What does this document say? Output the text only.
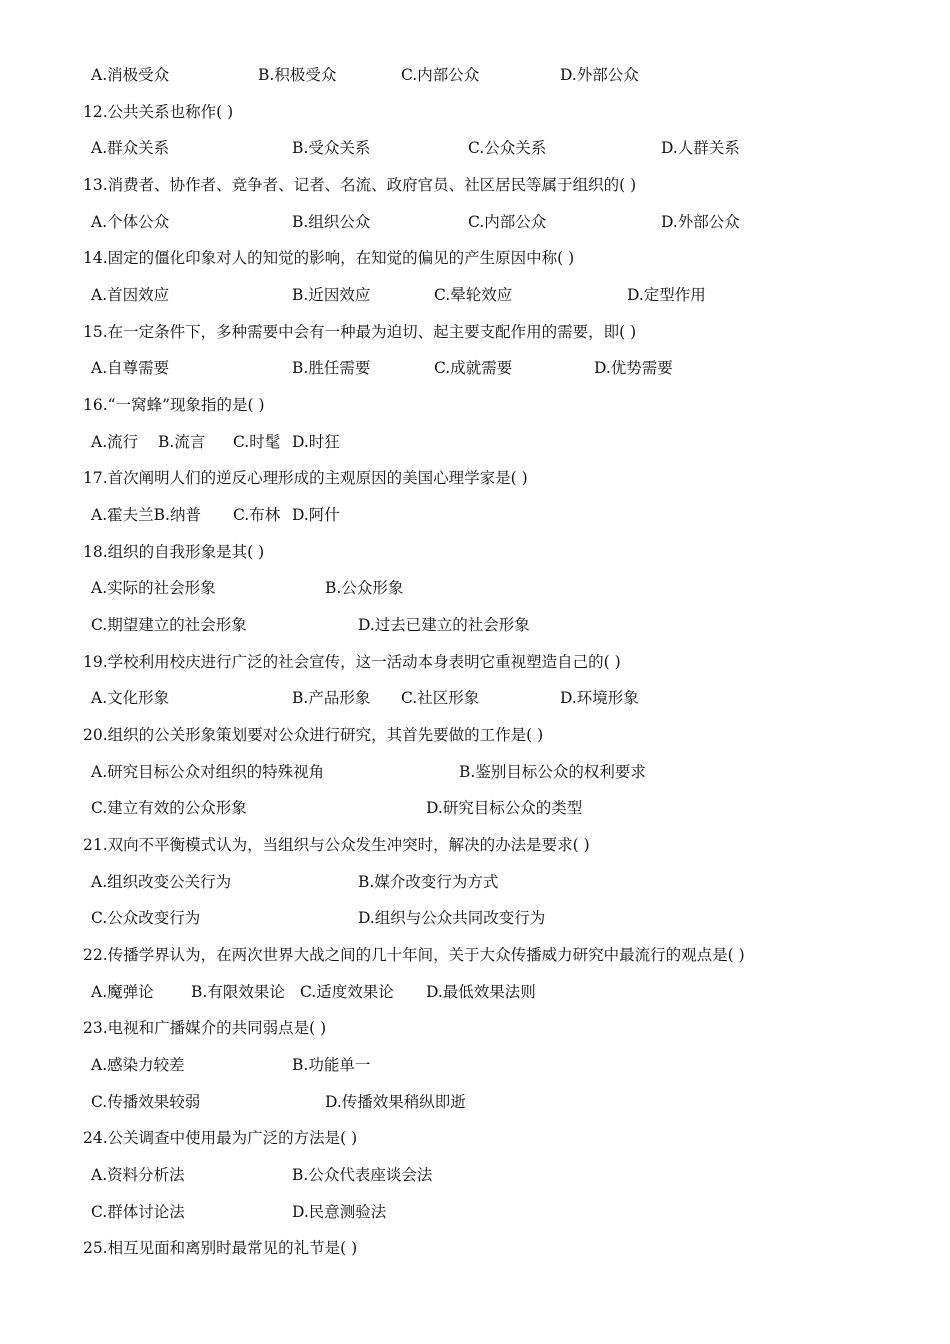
A.消极受众	B.积极受众	C.内部公众	D.外部公众
12.公共关系也称作( )
A.群众关系	B.受众关系	C.公众关系	D.人群关系
13.消费者、协作者、竞争者、记者、名流、政府官员、社区居民等属于组织的( )
A.个体公众	B.组织公众	C.内部公众	D.外部公众
14.固定的僵化印象对人的知觉的影响，在知觉的偏见的产生原因中称( )
A.首因效应	B.近因效应	C.晕轮效应	D.定型作用
15.在一定条件下，多种需要中会有一种最为迫切、起主要支配作用的需要，即( )
A.自尊需要	B.胜任需要	C.成就需要	D.优势需要
16.“一窝蜂”现象指的是( )
A.流行 B.流言 C.时髦 D.时狂
17.首次阐明人们的逆反心理形成的主观原因的美国心理学家是( )
A.霍夫兰B.纳普 C.布林 D.阿什
18.组织的自我形象是其( )
A.实际的社会形象	B.公众形象
C.期望建立的社会形象	D.过去已建立的社会形象
19.学校利用校庆进行广泛的社会宣传，这一活动本身表明它重视塑造自己的( )
A.文化形象	B.产品形象 C.社区形象	D.环境形象
20.组织的公关形象策划要对公众进行研究，其首先要做的工作是( )
A.研究目标公众对组织的特殊视角	B.鉴别目标公众的权利要求
C.建立有效的公众形象	D.研究目标公众的类型
21.双向不平衡模式认为，当组织与公众发生冲突时，解决的办法是要求( )
A.组织改变公关行为	B.媒介改变行为方式
C.公众改变行为	D.组织与公众共同改变行为
22.传播学界认为，在两次世界大战之间的几十年间，关于大众传播威力研究中最流行的观点是( )
A.魔弹论 B.有限效果论 C.适度效果论 D.最低效果法则
23.电视和广播媒介的共同弱点是( )
A.感染力较差	B.功能单一
C.传播效果较弱	D.传播效果稍纵即逝
24.公关调查中使用最为广泛的方法是( )
A.资料分析法	B.公众代表座谈会法
C.群体讨论法	D.民意测验法
25.相互见面和离别时最常见的礼节是( )
